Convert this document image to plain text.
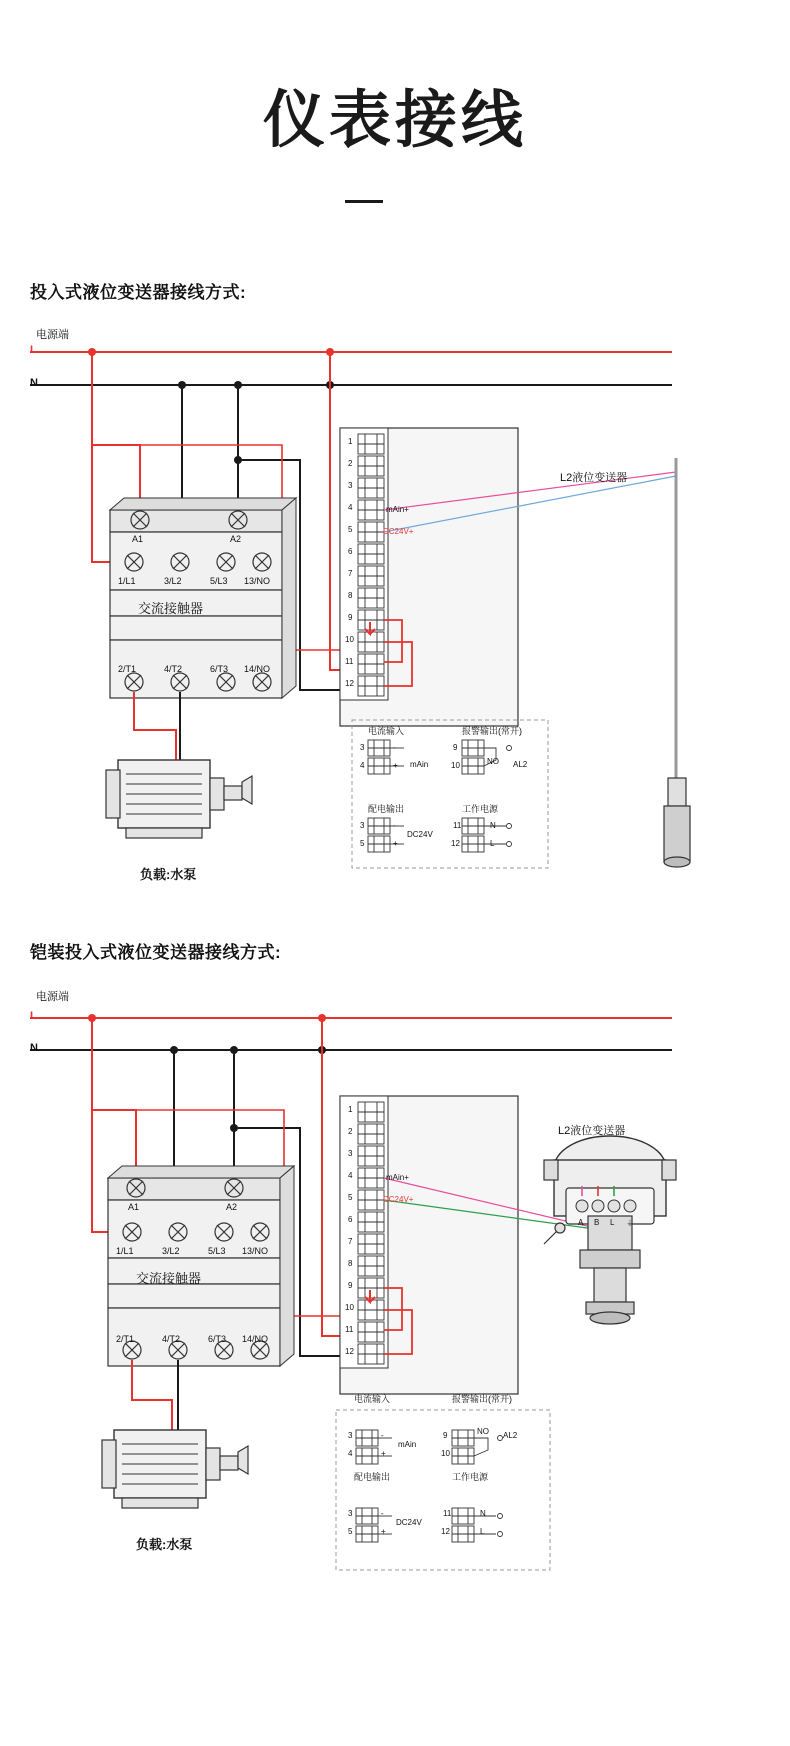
仪表接线
投入式液位变送器接线方式:
电源端
L
N
A1	A2
1/L1	3/L2	5/L3 13/NO
交流接触器
2/T1	4/T2	6/T3 14/NO
负载:水泵
1
2
3
4
5
6
7
8
9
10
11
12
mAin+
DC24V+
L2液位变送器
电流输入	报警输出(常开)
配电输出	工作电源
3	-
4	+ mAin
9
10	NO AL2
3	-
5	+
DC24V
11	N
12	L
铠装投入式液位变送器接线方式:
电源端
L
N
A1	A2
1/L1	3/L2	5/L3 13/NO
交流接触器
2/T1	4/T2	6/T3 14/NO
负载:水泵
1
2
3
4
5
6
7
8
9
10
11
12
mAin+
DC24V+
L2液位变送器
A B L ⏚
电流输入	报警输出(常开)
配电输出	工作电源
3	-
4	+
mAin
9
10
NO AL2
3	-
5	+
DC24V
11	N
12	L
